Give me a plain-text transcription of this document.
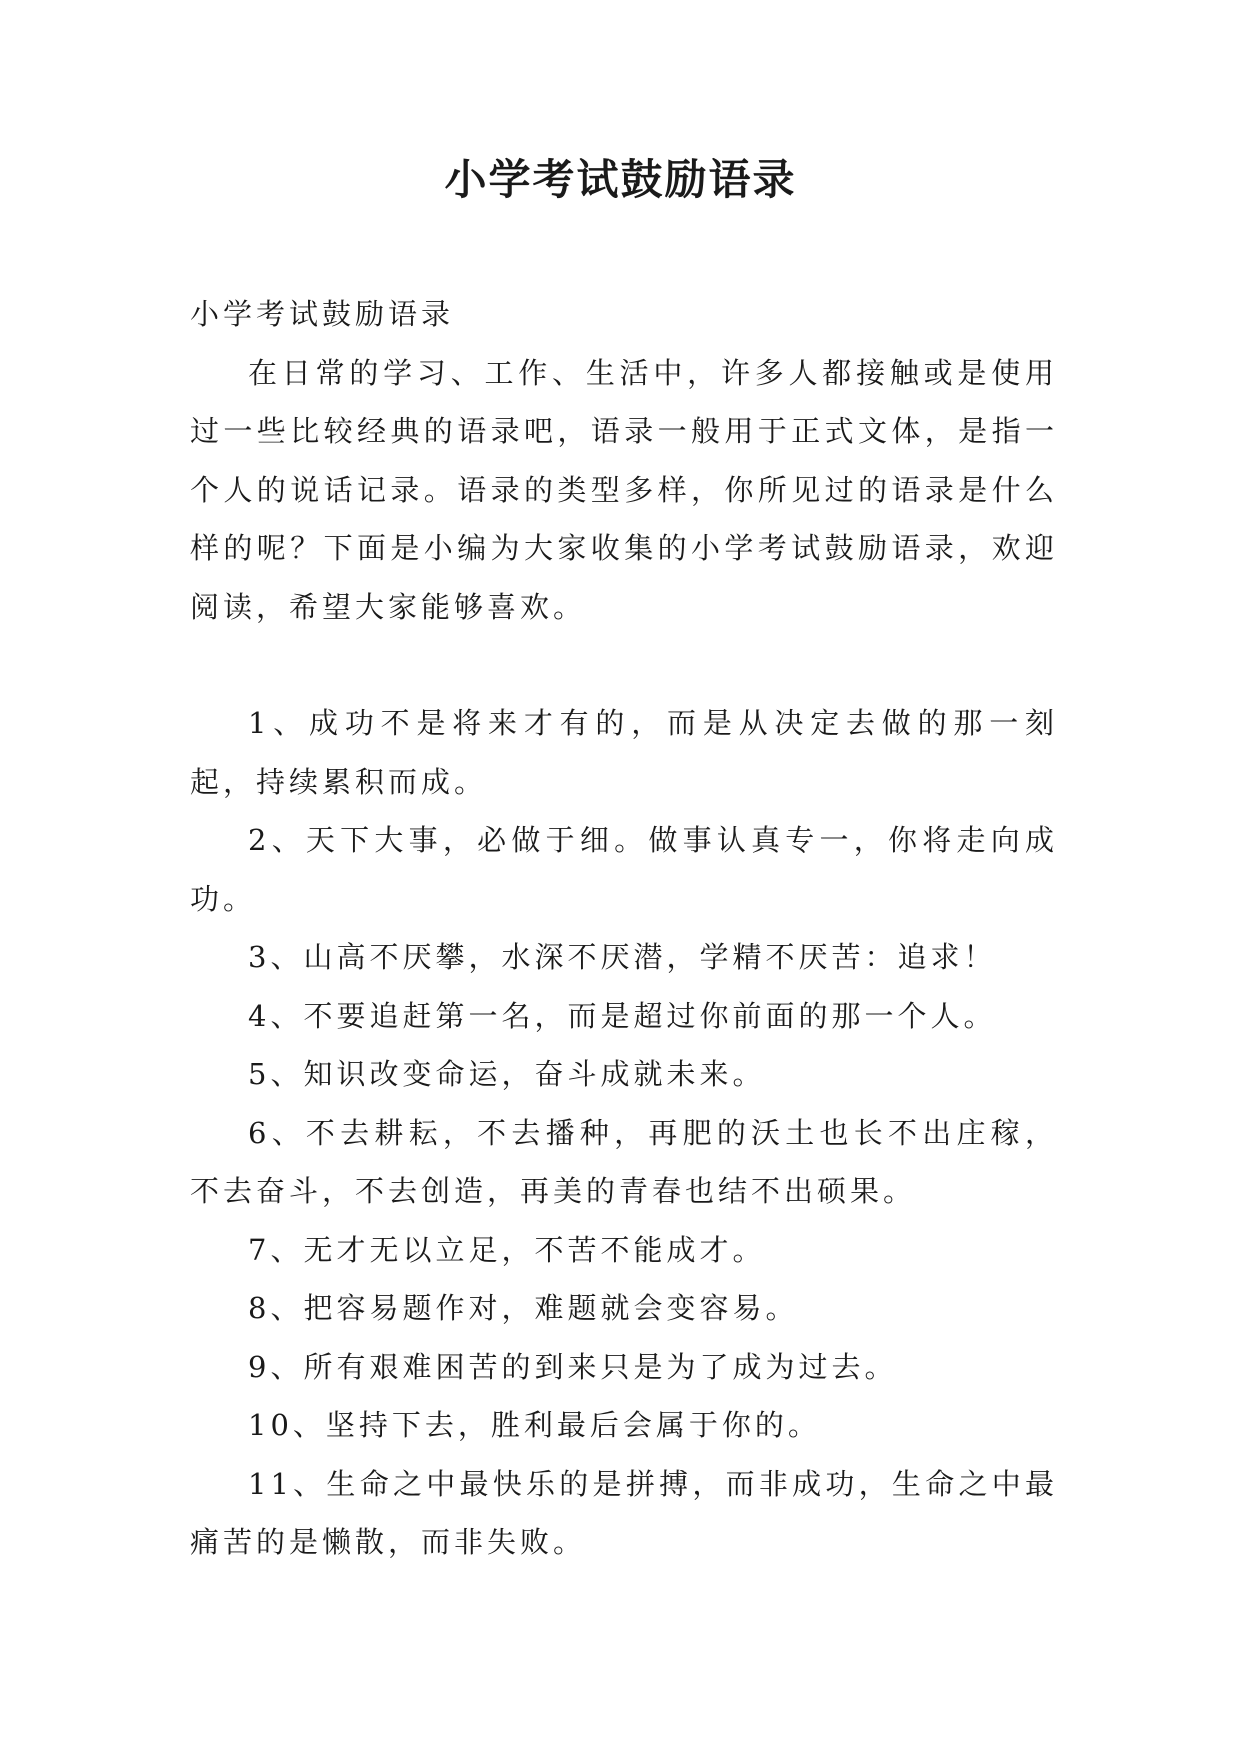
小学考试鼓励语录

小学考试鼓励语录

在日常的学习、工作、生活中，许多人都接触或是使用过一些比较经典的语录吧，语录一般用于正式文体，是指一个人的说话记录。语录的类型多样，你所见过的语录是什么样的呢？下面是小编为大家收集的小学考试鼓励语录，欢迎阅读，希望大家能够喜欢。

1、成功不是将来才有的，而是从决定去做的那一刻起，持续累积而成。

2、天下大事，必做于细。做事认真专一，你将走向成功。

3、山高不厌攀，水深不厌潜，学精不厌苦：追求！

4、不要追赶第一名，而是超过你前面的那一个人。

5、知识改变命运，奋斗成就未来。

6、不去耕耘，不去播种，再肥的沃土也长不出庄稼，不去奋斗，不去创造，再美的青春也结不出硕果。

7、无才无以立足，不苦不能成才。

8、把容易题作对，难题就会变容易。

9、所有艰难困苦的到来只是为了成为过去。

10、坚持下去，胜利最后会属于你的。

11、生命之中最快乐的是拼搏，而非成功，生命之中最痛苦的是懒散，而非失败。
